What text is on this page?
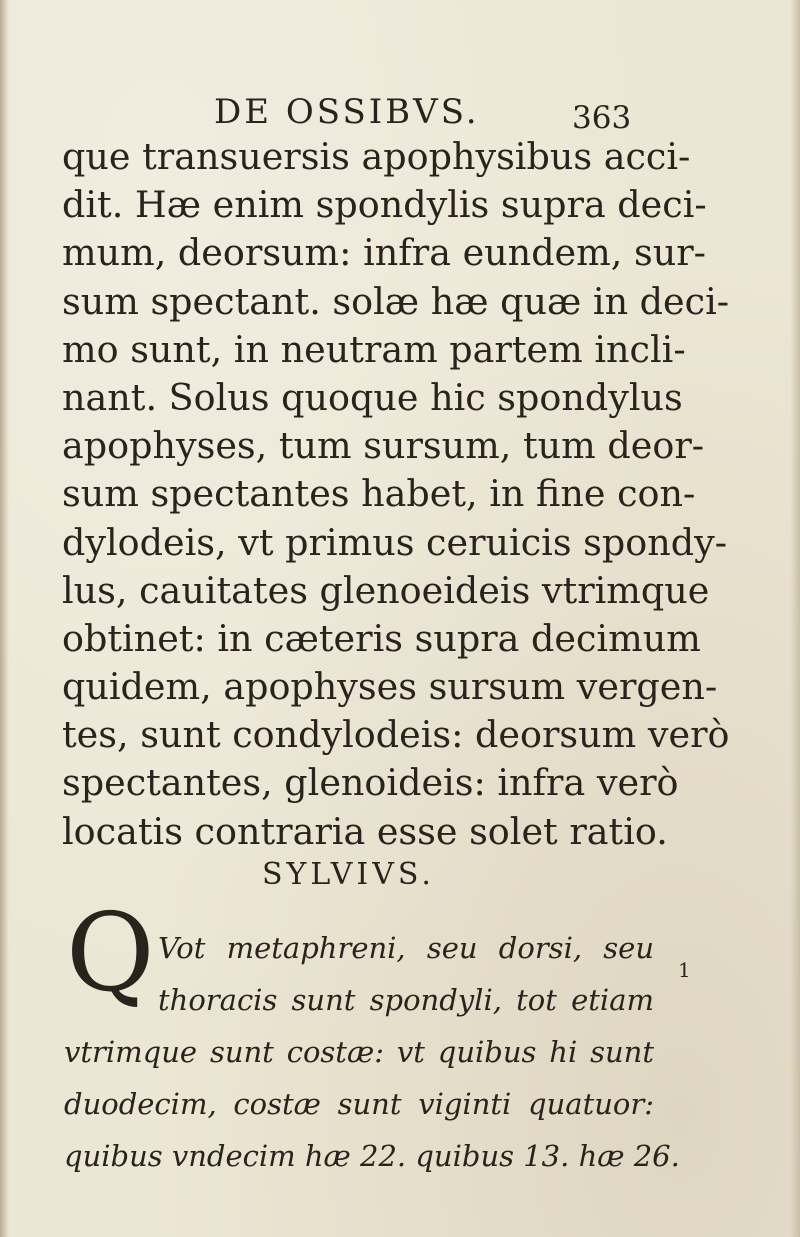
DE OSSIBVS.	363
que transuersis apophysibus acci-
dit. Hæ enim spondylis supra deci-
mum, deorsum: infra eundem, sur-
sum spectant. solæ hæ quæ in deci-
mo sunt, in neutram partem incli-
nant. Solus quoque hic spondylus
apophyses, tum sursum, tum deor-
sum spectantes habet, in fine con-
dylodeis, vt primus ceruicis spondy-
lus, cauitates glenoeideis vtrimque
obtinet: in cæteris supra decimum
quidem, apophyses sursum vergen-
tes, sunt condylodeis: deorsum verò
spectantes, glenoideis: infra verò
locatis contraria esse solet ratio.
SYLVIVS.
Q Vot metaphreni, seu dorsi, seu
thoracis sunt spondyli, tot etiam
vtrimque sunt costæ: vt quibus hi sunt
duodecim, costæ sunt viginti quatuor:
quibus vndecim hæ 22. quibus 13. hæ 26.
1
